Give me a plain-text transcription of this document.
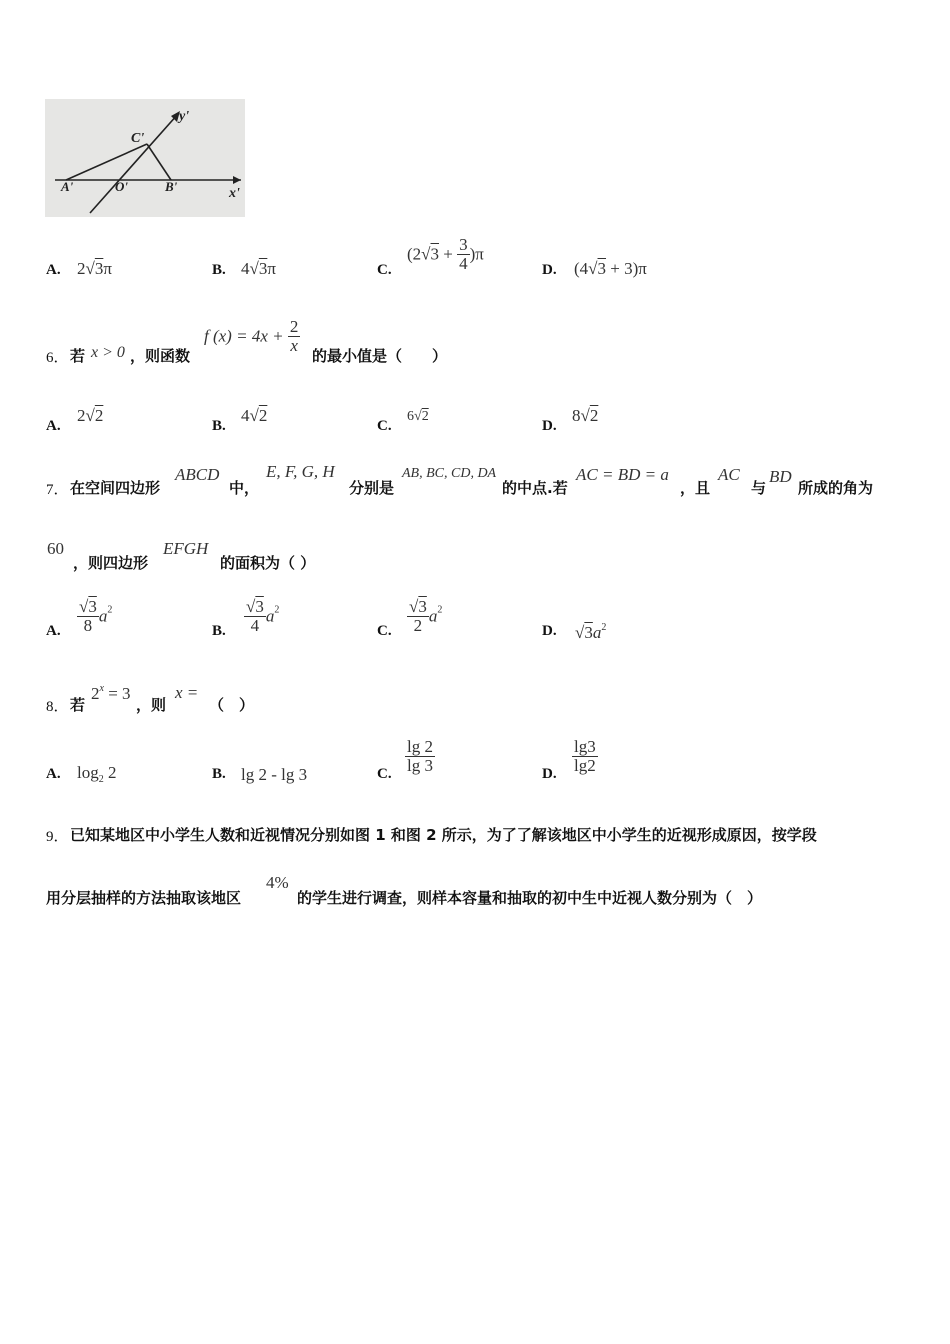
y'
x'
A'	O'	B'
C'
A. 2√3π	B. 4√3π	C.
$(2√3 + \frac{3}{4} )\pi$
D. (4√3 + 3)π
6． 若 x > 0 ，则函数
f $(x) = 4x + \frac{2}{x}$
的最小值是（　　）
A.
2√2
B.
4√2
C.
6√2
D.
8√2
7． 在空间四边形
ABCD
中，
E, F, G, H
分别是
AB, BC, CD, DA
的中点.若
AC = BD = a
，且
AC
与
BD
所成的角为
60
，则四边形
EFGH
的面积为（ ）
A. $\frac{√3}{8} a^2$
B. $\frac{√3}{4} a^2$
C. $\frac{√3}{2} a^2$
D. $√3a^2$
8． 若
$2^x = 3$
，则
x =
（　）
A. $\log_2 2$	B. lg 2 - lg 3	C. $\frac{\lg 2}{\lg 3}$	D. $\frac{\lg 3}{\lg 2}$
9． 已知某地区中小学生人数和近视情况分别如图 1 和图 2 所示，为了了解该地区中小学生的近视形成原因，按学段
用分层抽样的方法抽取该地区
4%
的学生进行调查，则样本容量和抽取的初中生中近视人数分别为（　）
